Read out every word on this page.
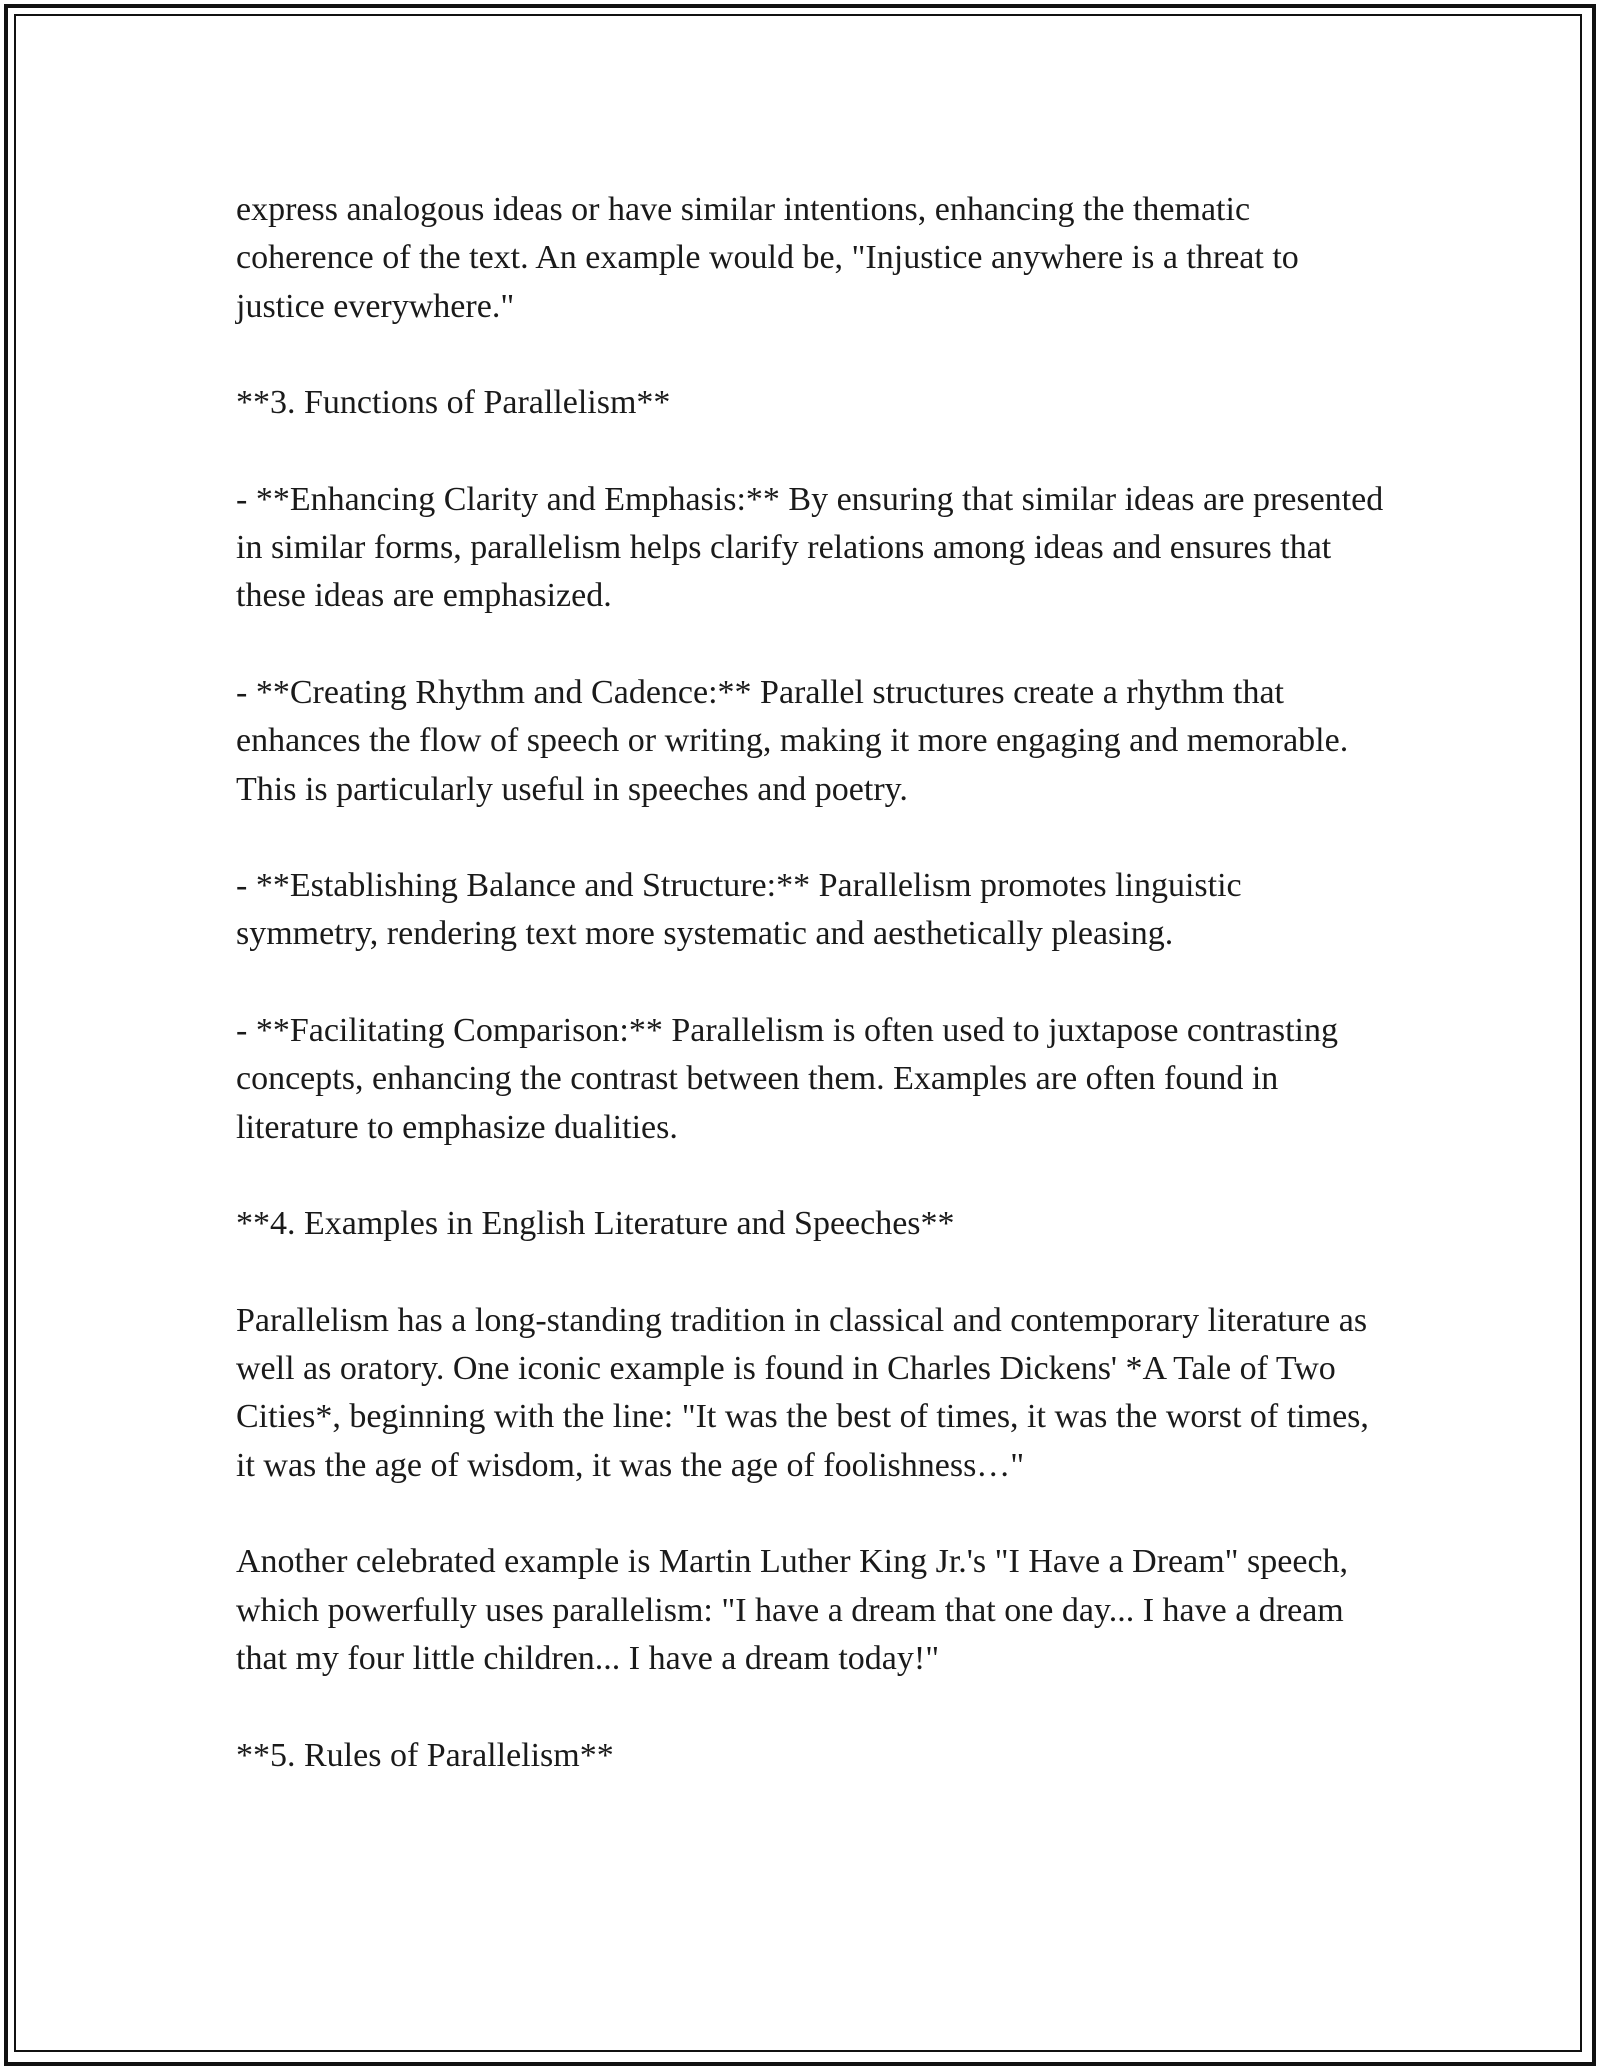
express analogous ideas or have similar intentions, enhancing the thematic coherence of the text. An example would be, "Injustice anywhere is a threat to justice everywhere."

**3. Functions of Parallelism**

- **Enhancing Clarity and Emphasis:** By ensuring that similar ideas are presented in similar forms, parallelism helps clarify relations among ideas and ensures that these ideas are emphasized.

- **Creating Rhythm and Cadence:** Parallel structures create a rhythm that enhances the flow of speech or writing, making it more engaging and memorable. This is particularly useful in speeches and poetry.

- **Establishing Balance and Structure:** Parallelism promotes linguistic symmetry, rendering text more systematic and aesthetically pleasing.

- **Facilitating Comparison:** Parallelism is often used to juxtapose contrasting concepts, enhancing the contrast between them. Examples are often found in literature to emphasize dualities.

**4. Examples in English Literature and Speeches**

Parallelism has a long-standing tradition in classical and contemporary literature as well as oratory. One iconic example is found in Charles Dickens' *A Tale of Two Cities*, beginning with the line: "It was the best of times, it was the worst of times, it was the age of wisdom, it was the age of foolishness…"

Another celebrated example is Martin Luther King Jr.'s "I Have a Dream" speech, which powerfully uses parallelism: "I have a dream that one day... I have a dream that my four little children... I have a dream today!"

**5. Rules of Parallelism**
